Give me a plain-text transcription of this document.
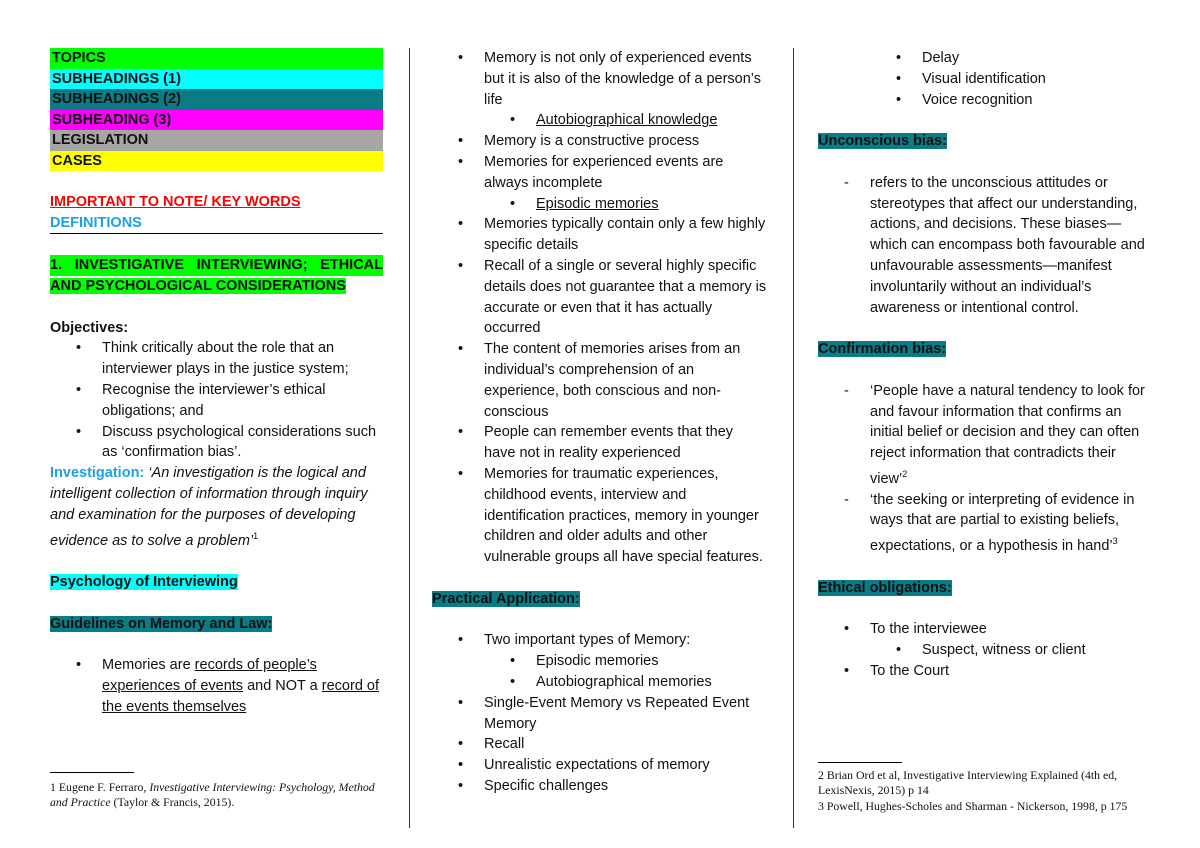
TOPICS
SUBHEADINGS (1)
SUBHEADINGS (2)
SUBHEADING (3)
LEGISLATION
CASES
IMPORTANT TO NOTE/ KEY WORDS
DEFINITIONS
1. INVESTIGATIVE INTERVIEWING; ETHICAL
AND PSYCHOLOGICAL CONSIDERATIONS
Objectives:
• Think critically about the role that an interviewer plays in the justice system;
• Recognise the interviewer’s ethical obligations; and
• Discuss psychological considerations such as ‘confirmation bias’.
Investigation: ‘An investigation is the logical and intelligent collection of information through inquiry and examination for the purposes of developing evidence as to solve a problem’$^1$
Psychology of Interviewing
Guidelines on Memory and Law:
• Memories are records of people’s experiences of events and NOT a record of the events themselves
1 Eugene F. Ferraro, Investigative Interviewing: Psychology, Method and Practice (Taylor & Francis, 2015).
• Memory is not only of experienced events but it is also of the knowledge of a person’s life
• Autobiographical knowledge
• Memory is a constructive process
• Memories for experienced events are always incomplete
• Episodic memories
• Memories typically contain only a few highly specific details
• Recall of a single or several highly specific details does not guarantee that a memory is accurate or even that it has actually occurred
• The content of memories arises from an individual’s comprehension of an experience, both conscious and non-conscious
• People can remember events that they have not in reality experienced
• Memories for traumatic experiences, childhood events, interview and identification practices, memory in younger children and older adults and other vulnerable groups all have special features.
Practical Application:
• Two important types of Memory:
• Episodic memories
• Autobiographical memories
• Single-Event Memory vs Repeated Event Memory
• Recall
• Unrealistic expectations of memory
• Specific challenges
• Delay
• Visual identification
• Voice recognition
Unconscious bias:
- refers to the unconscious attitudes or stereotypes that affect our understanding, actions, and decisions. These biases—which can encompass both favourable and unfavourable assessments—manifest involuntarily without an individual’s awareness or intentional control.
Confirmation bias:
- ‘People have a natural tendency to look for and favour information that confirms an initial belief or decision and they can often reject information that contradicts their view’$^2$
- ‘the seeking or interpreting of evidence in ways that are partial to existing beliefs, expectations, or a hypothesis in hand’$^3$
Ethical obligations:
• To the interviewee
• Suspect, witness or client
• To the Court
2 Brian Ord et al, Investigative Interviewing Explained (4th ed, LexisNexis, 2015) p 14
3 Powell, Hughes-Scholes and Sharman - Nickerson, 1998, p 175
